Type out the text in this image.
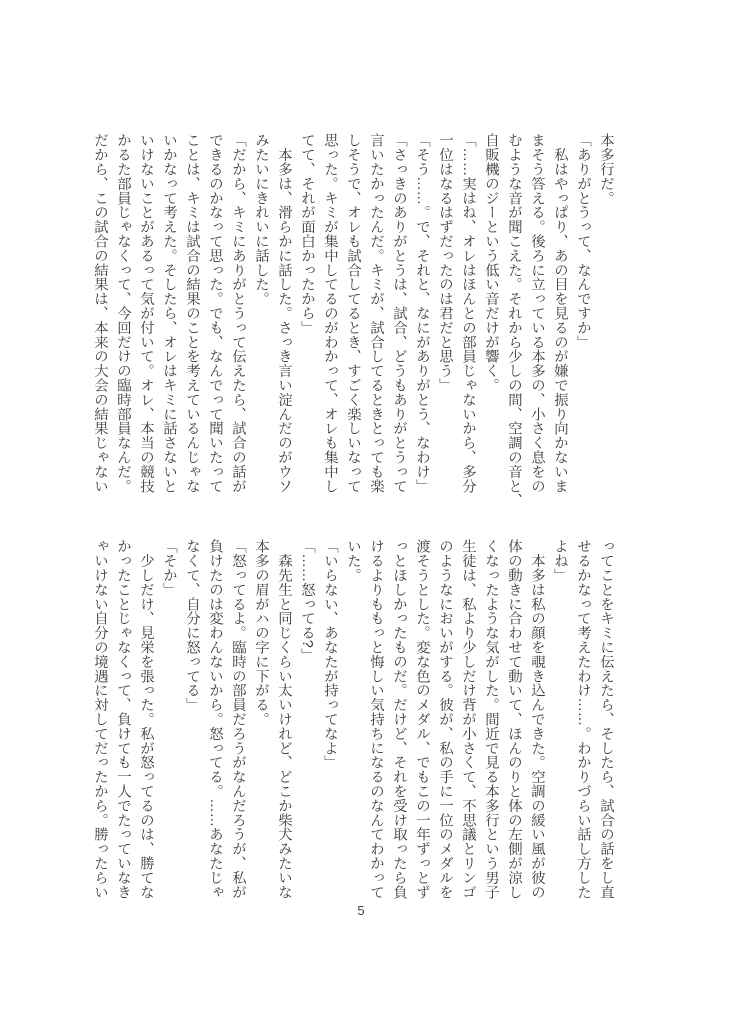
本多行だ。

「ありがとうって、なんですか」

　私はやっぱり、あの目を見るのが嫌で振り向かないま

まそう答える。後ろに立っている本多の、小さく息をの

むような音が聞こえた。それから少しの間、空調の音と、

自販機のジーという低い音だけが響く。

「……実はね、オレはほんとの部員じゃないから、多分

一位はなるはずだったのは君だと思う」

「そう……。で、それと、なにがありがとう、なわけ」

「さっきのありがとうは、試合、どうもありがとうって

言いたかったんだ。キミが、試合してるときとっても楽

しそうで、オレも試合してるとき、すごく楽しいなって

思った。キミが集中してるのがわかって、オレも集中し

てて、それが面白かったから」

　本多は、滑らかに話した。さっき言い淀んだのがウソ

みたいにきれいに話した。

「だから、キミにありがとうって伝えたら、試合の話が

できるのかなって思った。でも、なんでって聞いたって

ことは、キミは試合の結果のことを考えているんじゃな

いかなって考えた。そしたら、オレはキミに話さないと

いけないことがあるって気が付いて。オレ、本当の競技

かるた部員じゃなくって、今回だけの臨時部員なんだ。

だから、この試合の結果は、本来の大会の結果じゃない

ってことをキミに伝えたら、そしたら、試合の話をし直

せるかなって考えたわけ……。わかりづらい話し方した

よね」

　本多は私の顔を覗き込んできた。空調の緩い風が彼の

体の動きに合わせて動いて、ほんのりと体の左側が涼し

くなったような気がした。間近で見る本多行という男子

生徒は、私より少しだけ背が小さくて、不思議とリンゴ

のようなにおいがする。彼が、私の手に一位のメダルを

渡そうとした。変な色のメダル、でもこの一年ずっとず

っとほしかったものだ。だけど、それを受け取ったら負

けるよりももっと悔しい気持ちになるのなんてわかって

いた。

「いらない、あなたが持ってなよ」

「……怒ってる?」

　森先生と同じくらい太いけれど、どこか柴犬みたいな

本多の眉がハの字に下がる。

「怒ってるよ。臨時の部員だろうがなんだろうが、私が

負けたのは変わんないから。怒ってる。……あなたじゃ

なくて、自分に怒ってる」

「そか」

　少しだけ、見栄を張った。私が怒ってるのは、勝てな

かったことじゃなくって、負けても一人でたっていなき

ゃいけない自分の境遇に対してだったから。勝ったらい

5
